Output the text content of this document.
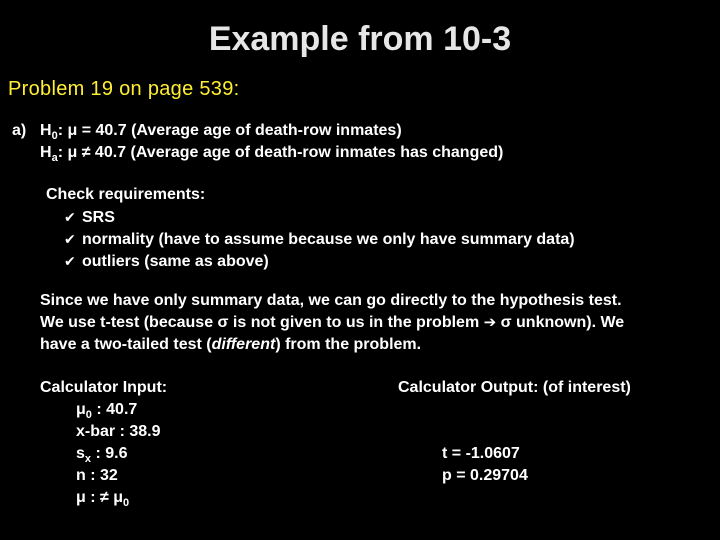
Example from 10-3
Problem 19 on page 539:
a) $H_0$: μ = 40.7 (Average age of death-row inmates)
$H_a$: μ ≠ 40.7 (Average age of death-row inmates has changed)
Check requirements:
✔ SRS
✔ normality (have to assume because we only have summary data)
✔ outliers (same as above)

Since we have only summary data, we can go directly to the hypothesis test.

We use t-test (because σ is not given to us in the problem ➔ σ unknown). We

have a two-tailed test (different) from the problem.

Calculator Input:
$\mu_0$ : 40.7
x-bar : 38.9
$s_x$ : 9.6
n : 32
μ : ≠ $\mu_0$
Calculator Output: (of interest)
t = -1.0607
p = 0.29704
